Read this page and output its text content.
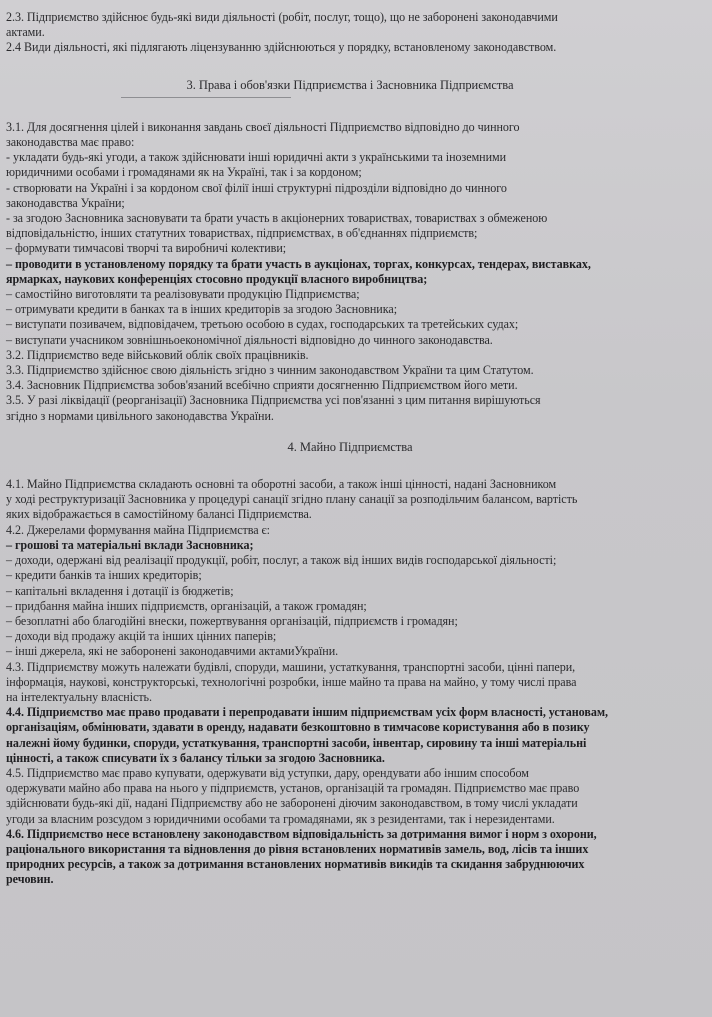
2.3. Підприємство здійснює будь-які види діяльності (робіт, послуг, тощо), що не заборонені законодавчими

актами.

2.4 Види діяльності, які підлягають ліцензуванню здійснюються у порядку, встановленому законодавством.

3. Права і обов'язки Підприємства і Засновника Підприємства

3.1. Для досягнення цілей і виконання завдань своєї діяльності Підприємство відповідно до чинного

законодавства має право:

- укладати будь-які угоди, а також здійснювати інші юридичні акти з українськими та іноземними

юридичними особами і громадянами як на Україні, так і за кордоном;

- створювати на Україні і за кордоном свої філії інші структурні підрозділи відповідно до чинного

законодавства України;

- за згодою Засновника засновувати та брати участь в акціонерних товариствах, товариствах з обмеженою

відповідальністю, інших статутних товариствах, підприємствах, в об'єднаннях підприємств;

– формувати тимчасові творчі та виробничі колективи;

– проводити в установленому порядку та брати участь в аукціонах, торгах, конкурсах, тендерах, виставках,

ярмарках, наукових конференціях стосовно продукції власного виробництва;

– самостійно виготовляти та реалізовувати продукцію Підприємства;

– отримувати кредити в банках та в інших кредиторів за згодою Засновника;

– виступати позивачем, відповідачем, третьою особою в судах, господарських та третейських судах;

– виступати учасником зовнішньоекономічної діяльності відповідно до чинного законодавства.

3.2. Підприємство веде військовий облік своїх працівників.

3.3. Підприємство здійснює свою діяльність згідно з чинним законодавством України та цим Статутом.

3.4. Засновник Підприємства зобов'язаний всебічно сприяти досягненню Підприємством його мети.

3.5. У разі ліквідації (реорганізації) Засновника Підприємства усі пов'язанні з цим питання вирішуються

згідно з нормами цивільного законодавства України.

4. Майно Підприємства

4.1. Майно Підприємства складають основні та оборотні засоби, а також інші цінності, надані Засновником

у ході реструктуризації Засновника у процедурі санації згідно плану санації за розподільчим балансом, вартість

яких відображається в самостійному балансі Підприємства.

4.2. Джерелами формування майна Підприємства є:

– грошові та матеріальні вклади Засновника;

– доходи, одержані від реалізації продукції, робіт, послуг, а також від інших видів господарської діяльності;

– кредити банків та інших кредиторів;

– капітальні вкладення і дотації із бюджетів;

– придбання майна інших підприємств, організацій, а також громадян;

– безоплатні або благодійні внески, пожертвування організацій, підприємств і громадян;

– доходи від продажу акцій та інших цінних паперів;

– інші джерела, які не заборонені законодавчими актамиУкраїни.

4.3. Підприємству можуть належати будівлі, споруди, машини, устаткування, транспортні засоби, цінні папери,

інформація, наукові, конструкторські, технологічні розробки, інше майно та права на майно, у тому числі права

на інтелектуальну власність.

4.4. Підприємство має право продавати і перепродавати іншим підприємствам усіх форм власності, установам,

організаціям, обмінювати, здавати в оренду, надавати безкоштовно в тимчасове користування або в позику

належні йому будинки, споруди, устаткування, транспортні засоби, інвентар, сировину та інші матеріальні

цінності, а також списувати їх з балансу тільки за згодою Засновника.

4.5. Підприємство має право купувати, одержувати від уступки, дару, орендувати або іншим способом

одержувати майно або права на нього у підприємств, установ, організацій та громадян. Підприємство має право

здійснювати будь-які дії, надані Підприємству або не заборонені діючим законодавством, в тому числі укладати

угоди за власним розсудом з юридичними особами та громадянами, як з резидентами, так і нерезидентами.

4.6. Підприємство несе встановлену законодавством відповідальність за дотримання вимог і норм з охорони,

раціонального використання та відновлення до рівня встановлених нормативів замель, вод, лісів та інших

природних ресурсів, а також за дотримання встановлених нормативів викидів та скидання забруднюючих

речовин.
